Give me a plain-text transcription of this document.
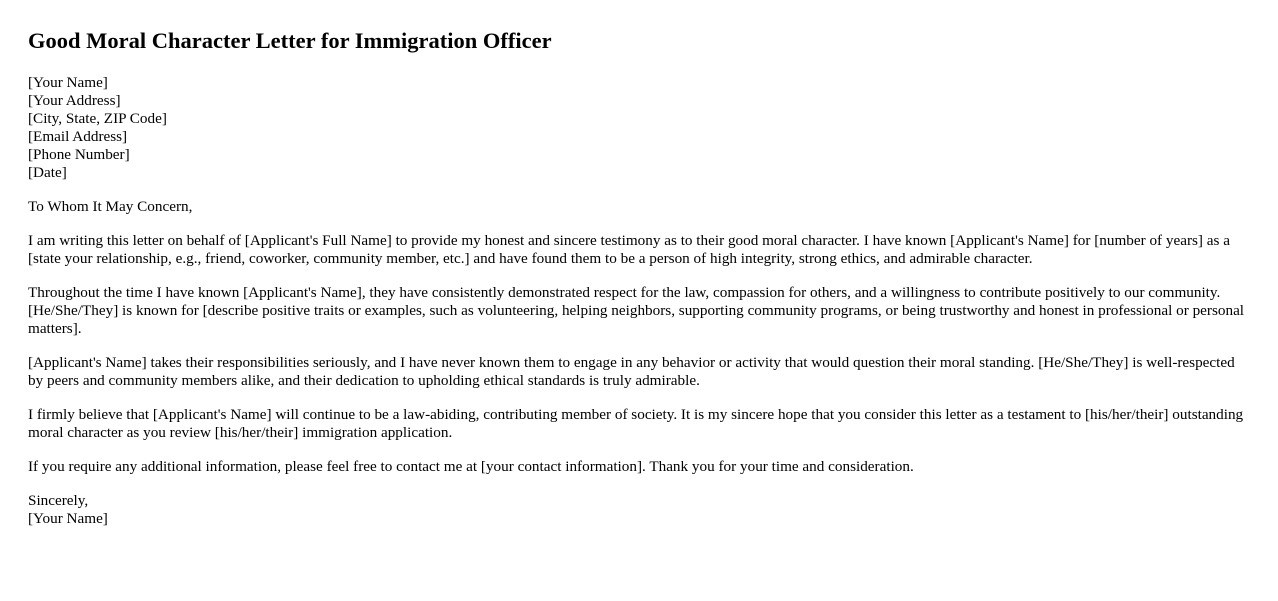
Good Moral Character Letter for Immigration Officer
[Your Name]
[Your Address]
[City, State, ZIP Code]
[Email Address]
[Phone Number]
[Date]

To Whom It May Concern,

I am writing this letter on behalf of [Applicant's Full Name] to provide my honest and sincere testimony as to their good moral character. I have known [Applicant's Name] for [number of years] as a [state your relationship, e.g., friend, coworker, community member, etc.] and have found them to be a person of high integrity, strong ethics, and admirable character.

Throughout the time I have known [Applicant's Name], they have consistently demonstrated respect for the law, compassion for others, and a willingness to contribute positively to our community. [He/She/They] is known for [describe positive traits or examples, such as volunteering, helping neighbors, supporting community programs, or being trustworthy and honest in professional or personal matters].

[Applicant's Name] takes their responsibilities seriously, and I have never known them to engage in any behavior or activity that would question their moral standing. [He/She/They] is well-respected by peers and community members alike, and their dedication to upholding ethical standards is truly admirable.

I firmly believe that [Applicant's Name] will continue to be a law-abiding, contributing member of society. It is my sincere hope that you consider this letter as a testament to [his/her/their] outstanding moral character as you review [his/her/their] immigration application.

If you require any additional information, please feel free to contact me at [your contact information]. Thank you for your time and consideration.

Sincerely,
[Your Name]
